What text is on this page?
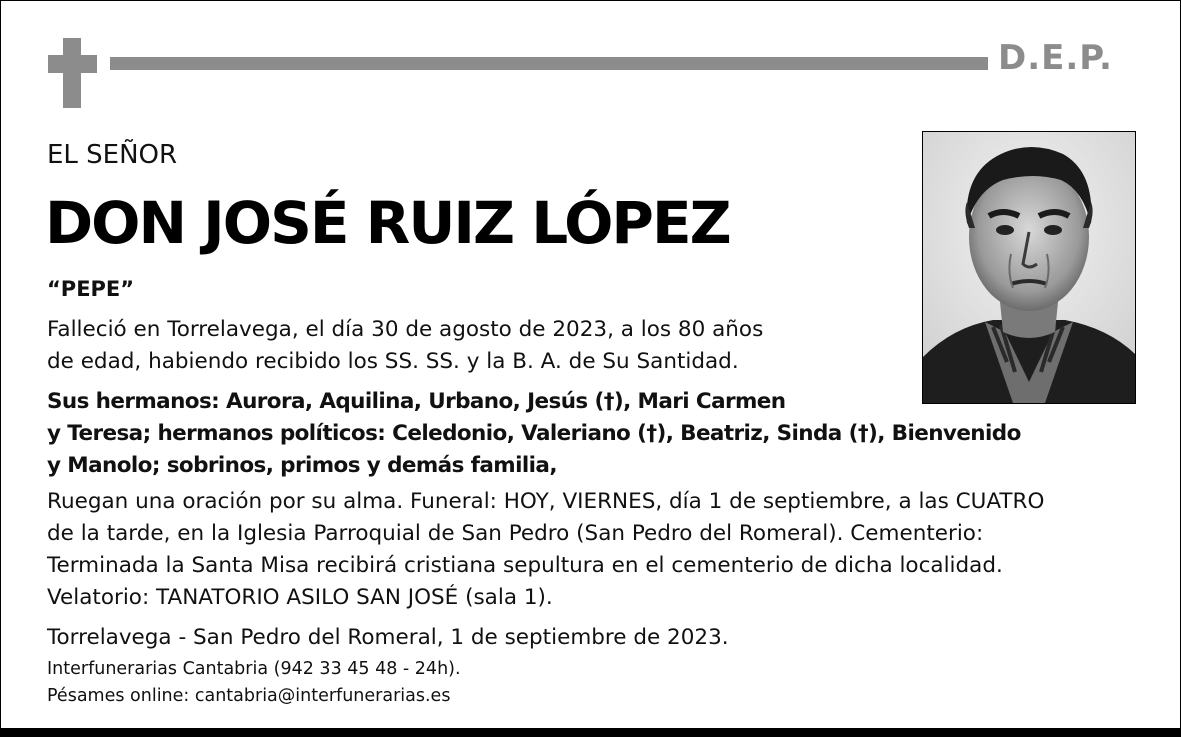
D.E.P.
EL SEÑOR
DON JOSÉ RUIZ LÓPEZ
“PEPE”
Falleció en Torrelavega, el día 30 de agosto de 2023, a los 80 años
de edad, habiendo recibido los SS. SS. y la B. A. de Su Santidad.
Sus hermanos: Aurora, Aquilina, Urbano, Jesús (†), Mari Carmen
y Teresa; hermanos políticos: Celedonio, Valeriano (†), Beatriz, Sinda (†), Bienvenido
y Manolo; sobrinos, primos y demás familia,
Ruegan una oración por su alma. Funeral: HOY, VIERNES, día 1 de septiembre, a las CUATRO
de la tarde, en la Iglesia Parroquial de San Pedro (San Pedro del Romeral). Cementerio:
Terminada la Santa Misa recibirá cristiana sepultura en el cementerio de dicha localidad.
Velatorio: TANATORIO ASILO SAN JOSÉ (sala 1).
Torrelavega - San Pedro del Romeral, 1 de septiembre de 2023.
Interfunerarias Cantabria (942 33 45 48 - 24h).
Pésames online: cantabria@interfunerarias.es
